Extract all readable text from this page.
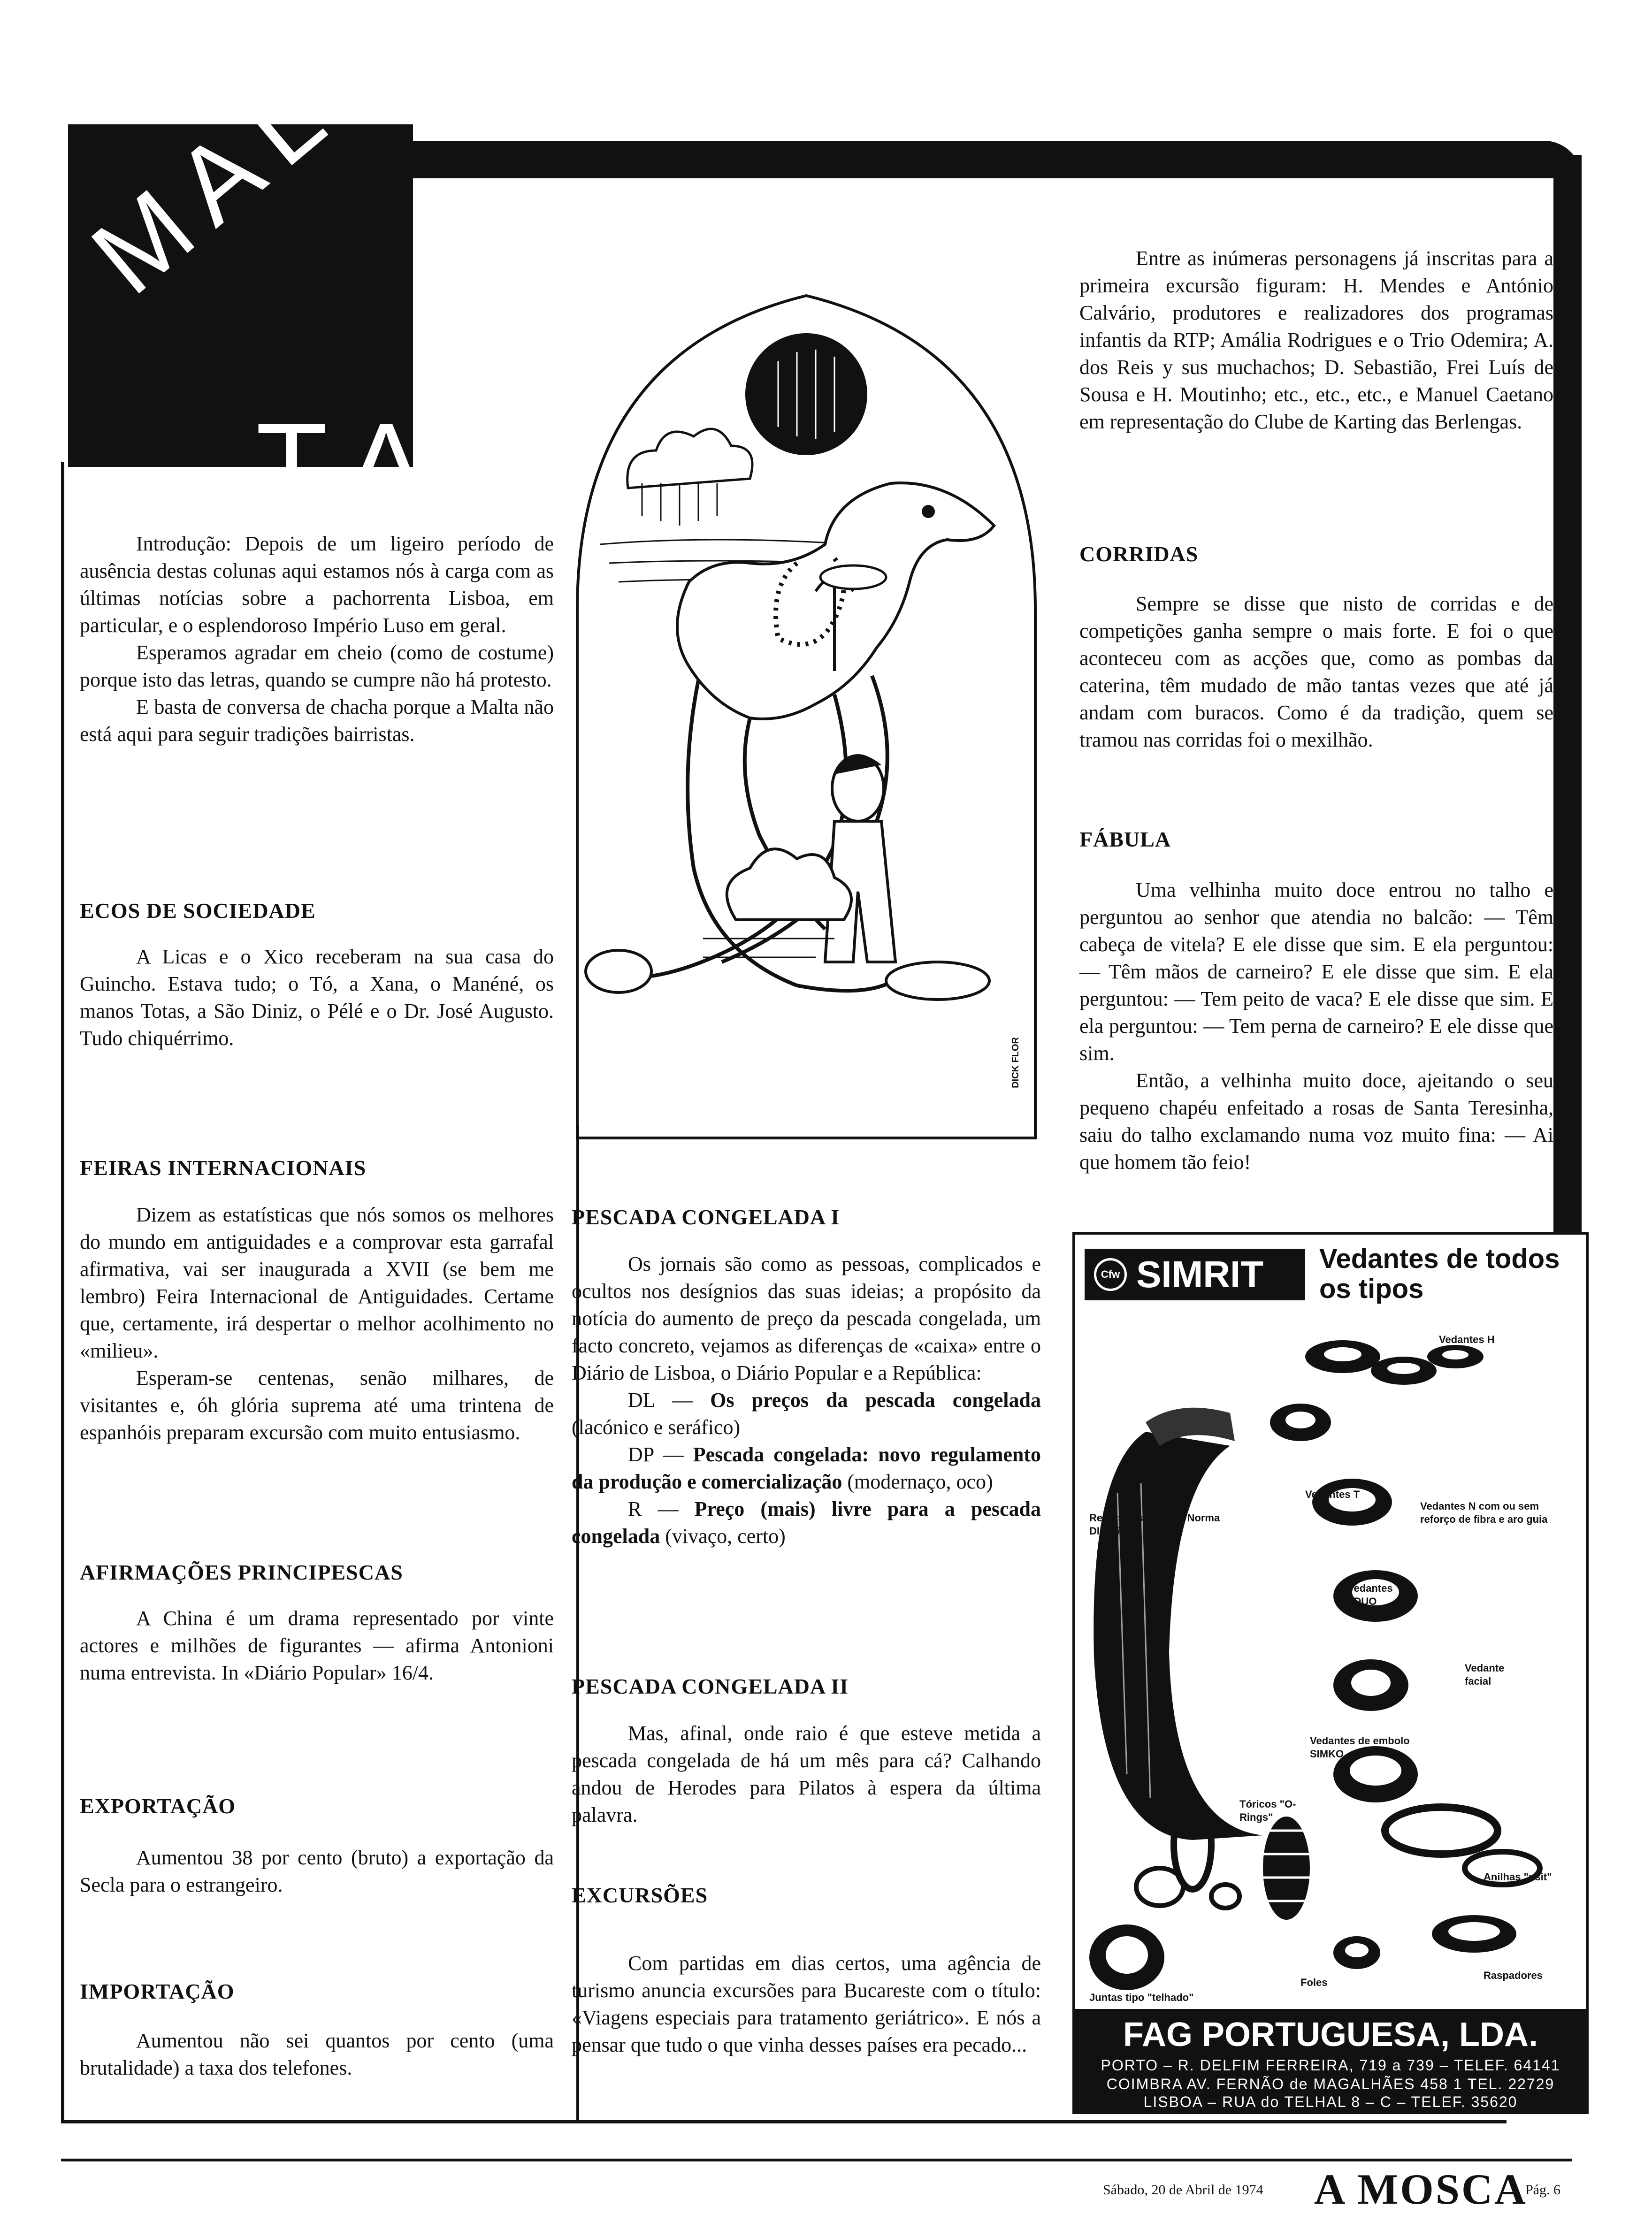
MAL-
TA

Introdução: Depois de um ligeiro período de ausência destas colunas aqui estamos nós à carga com as últimas notícias sobre a pachorrenta Lisboa, em particular, e o esplendoroso Império Luso em geral.

Esperamos agradar em cheio (como de costume) porque isto das letras, quando se cumpre não há protesto.

E basta de conversa de chacha porque a Malta não está aqui para seguir tradições bairristas.

ECOS DE SOCIEDADE

A Licas e o Xico receberam na sua casa do Guincho. Estava tudo; o Tó, a Xana, o Manéné, os manos Totas, a São Diniz, o Pélé e o Dr. José Augusto. Tudo chiquérrimo.

FEIRAS INTERNACIONAIS

Dizem as estatísticas que nós somos os melhores do mundo em antiguidades e a comprovar esta garrafal afirmativa, vai ser inaugurada a XVII (se bem me lembro) Feira Internacional de Antiguidades. Certame que, certamente, irá despertar o melhor acolhimento no «milieu».

Esperam-se centenas, senão milhares, de visitantes e, óh glória suprema até uma trintena de espanhóis preparam excursão com muito entusiasmo.

AFIRMAÇÕES PRINCIPESCAS

A China é um drama representado por vinte actores e milhões de figurantes — afirma Antonioni numa entrevista. In «Diário Popular» 16/4.

EXPORTAÇÃO

Aumentou 38 por cento (bruto) a exportação da Secla para o estrangeiro.

IMPORTAÇÃO

Aumentou não sei quantos por cento (uma brutalidade) a taxa dos telefones.

DICK FLOR
PESCADA CONGELADA I

Os jornais são como as pessoas, complicados e ocultos nos desígnios das suas ideias; a propósito da notícia do aumento de preço da pescada congelada, um facto concreto, vejamos as diferenças de «caixa» entre o Diário de Lisboa, o Diário Popular e a República:

DL — Os preços da pescada congelada (lacónico e seráfico)

DP — Pescada congelada: novo regulamento da produção e comercialização (modernaço, oco)

R — Preço (mais) livre para a pescada congelada (vivaço, certo)

PESCADA CONGELADA II

Mas, afinal, onde raio é que esteve metida a pescada congelada de há um mês para cá? Calhando andou de Herodes para Pilatos à espera da última palavra.

EXCURSÕES

Com partidas em dias certos, uma agência de turismo anuncia excursões para Bucareste com o título: «Viagens especiais para tratamento geriátrico». E nós a pensar que tudo o que vinha desses países era pecado...

Entre as inúmeras personagens já inscritas para a primeira excursão figuram: H. Mendes e António Calvário, produtores e realizadores dos programas infantis da RTP; Amália Rodrigues e o Trio Odemira; A. dos Reis y sus muchachos; D. Sebastião, Frei Luís de Sousa e H. Moutinho; etc., etc., etc., e Manuel Caetano em representação do Clube de Karting das Berlengas.

CORRIDAS

Sempre se disse que nisto de corridas e de competições ganha sempre o mais forte. E foi o que aconteceu com as acções que, como as pombas da caterina, têm mudado de mão tantas vezes que até já andam com buracos. Como é da tradição, quem se tramou nas corridas foi o mexilhão.

FÁBULA

Uma velhinha muito doce entrou no talho e perguntou ao senhor que atendia no balcão: — Têm cabeça de vitela? E ele disse que sim. E ela perguntou: — Têm mãos de carneiro? E ele disse que sim. E ela perguntou: — Tem peito de vaca? E ele disse que sim. E ela perguntou: — Tem perna de carneiro? E ele disse que sim.

Então, a velhinha muito doce, ajeitando o seu pequeno chapéu enfeitado a rosas de Santa Teresinha, saiu do talho exclamando numa voz muito fina: — Ai que homem tão feio!

Cfw SIMRIT Vedantes de todos os tipos
Vedantes H
Vedantes T
Retentores radiais "Norma DIN 3760"
Vedantes N com ou sem reforço de fibra e aro guia
Vedantes TDUO
Vedante facial
Vedantes de embolo SIMKO
Tóricos "O-Rings"
Anilhas "usit"
Raspadores
Foles
Juntas tipo "telhado"
FAG PORTUGUESA, LDA.
PORTO – R. DELFIM FERREIRA, 719 a 739 – TELEF. 64141
COIMBRA AV. FERNÃO de MAGALHÃES 458 1 TEL. 22729
LISBOA – RUA do TELHAL 8 – C – TELEF. 35620
Sábado, 20 de Abril de 1974 A MOSCA
Pág. 6
